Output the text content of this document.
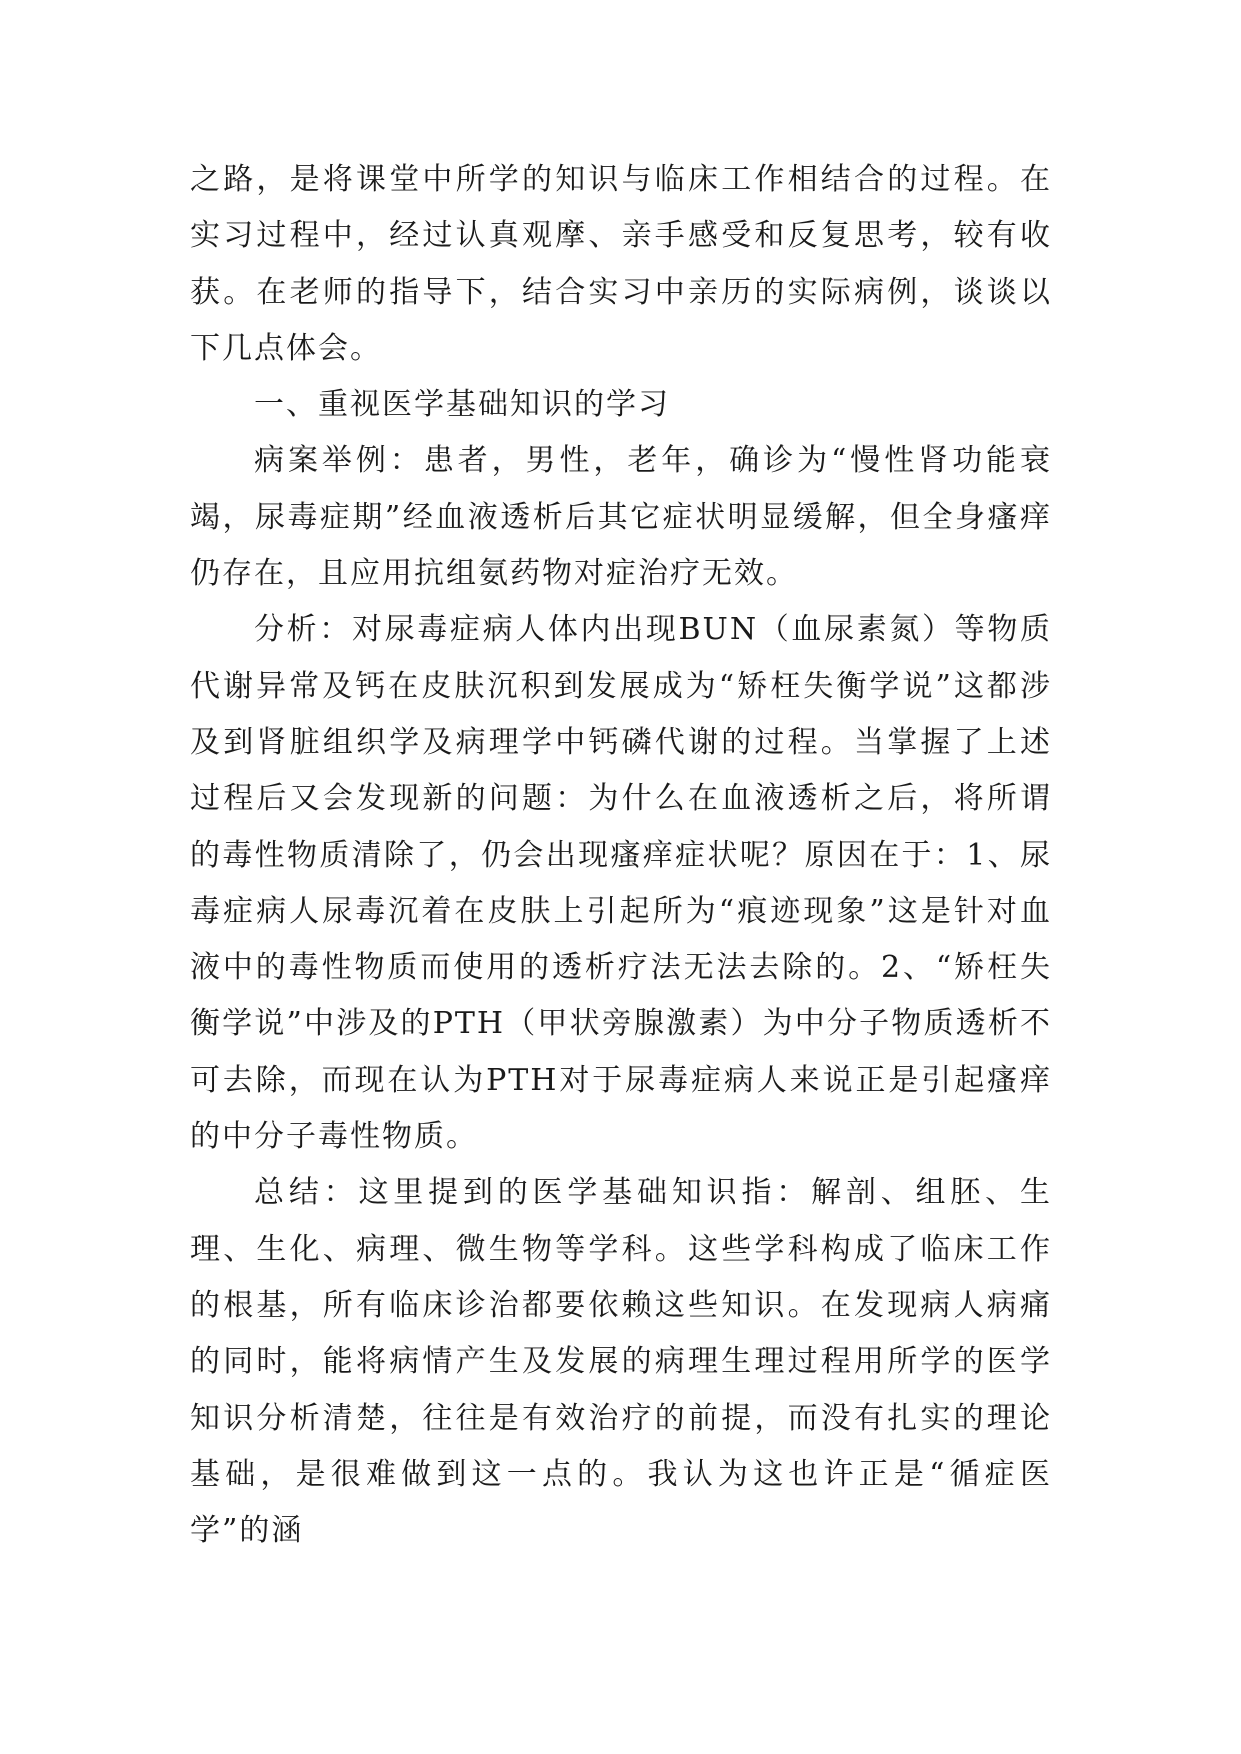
之路，是将课堂中所学的知识与临床工作相结合的过程。在实习过程中，经过认真观摩、亲手感受和反复思考，较有收获。在老师的指导下，结合实习中亲历的实际病例，谈谈以下几点体会。

一、重视医学基础知识的学习

病案举例：患者，男性，老年，确诊为“慢性肾功能衰竭，尿毒症期”经血液透析后其它症状明显缓解，但全身瘙痒仍存在，且应用抗组氨药物对症治疗无效。

分析：对尿毒症病人体内出现BUN（血尿素氮）等物质代谢异常及钙在皮肤沉积到发展成为“矫枉失衡学说”这都涉及到肾脏组织学及病理学中钙磷代谢的过程。当掌握了上述过程后又会发现新的问题：为什么在血液透析之后，将所谓的毒性物质清除了，仍会出现瘙痒症状呢？原因在于：1、尿毒症病人尿毒沉着在皮肤上引起所为“痕迹现象”这是针对血液中的毒性物质而使用的透析疗法无法去除的。2、“矫枉失衡学说”中涉及的PTH（甲状旁腺激素）为中分子物质透析不可去除，而现在认为PTH对于尿毒症病人来说正是引起瘙痒的中分子毒性物质。

总结：这里提到的医学基础知识指：解剖、组胚、生理、生化、病理、微生物等学科。这些学科构成了临床工作的根基，所有临床诊治都要依赖这些知识。在发现病人病痛的同时，能将病情产生及发展的病理生理过程用所学的医学知识分析清楚，往往是有效治疗的前提，而没有扎实的理论基础，是很难做到这一点的。我认为这也许正是“循症医学”的涵
